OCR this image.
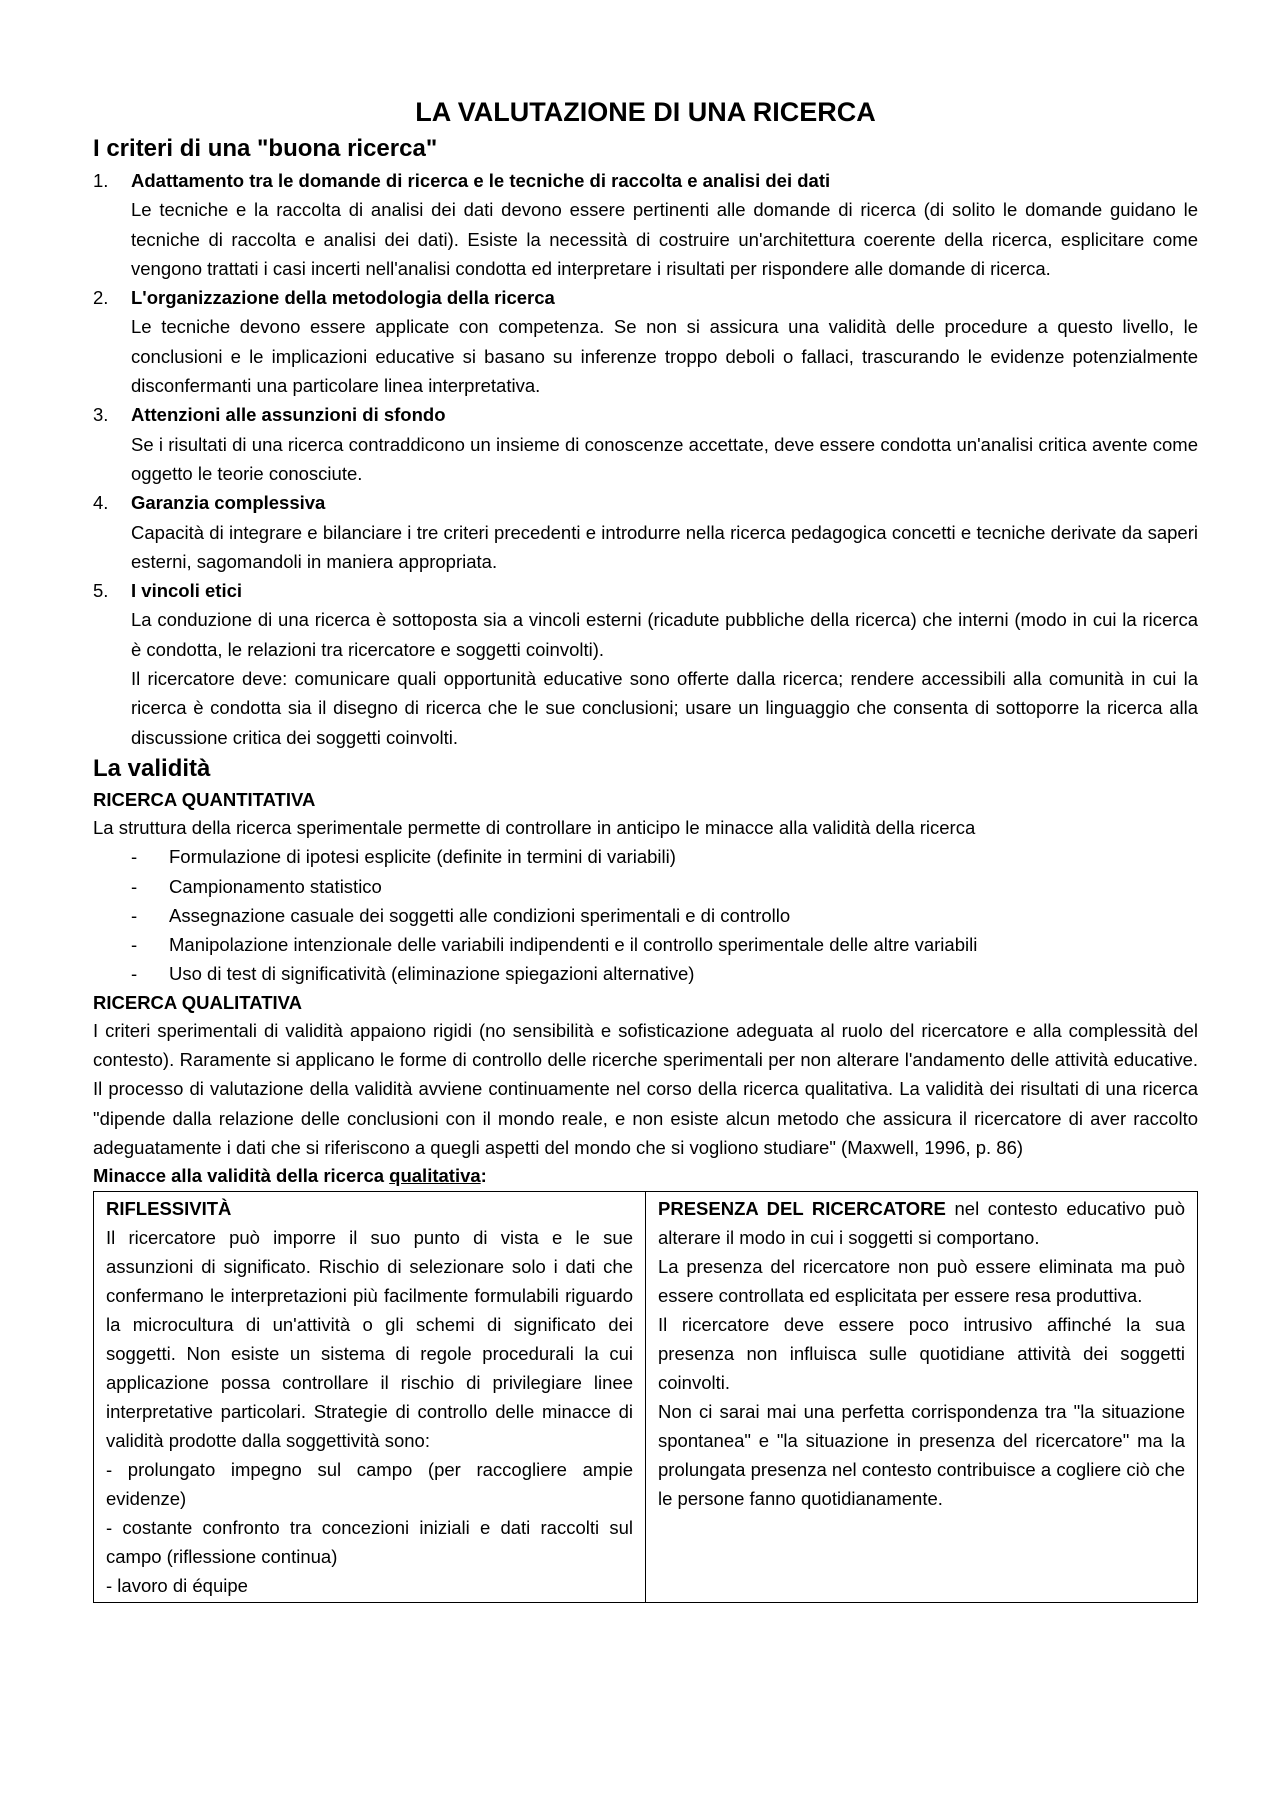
LA VALUTAZIONE DI UNA RICERCA
I criteri di una "buona ricerca"
1. Adattamento tra le domande di ricerca e le tecniche di raccolta e analisi dei dati
Le tecniche e la raccolta di analisi dei dati devono essere pertinenti alle domande di ricerca (di solito le domande guidano le tecniche di raccolta e analisi dei dati). Esiste la necessità di costruire un'architettura coerente della ricerca, esplicitare come vengono trattati i casi incerti nell'analisi condotta ed interpretare i risultati per rispondere alle domande di ricerca.
2. L'organizzazione della metodologia della ricerca
Le tecniche devono essere applicate con competenza. Se non si assicura una validità delle procedure a questo livello, le conclusioni e le implicazioni educative si basano su inferenze troppo deboli o fallaci, trascurando le evidenze potenzialmente disconfermanti una particolare linea interpretativa.
3. Attenzioni alle assunzioni di sfondo
Se i risultati di una ricerca contraddicono un insieme di conoscenze accettate, deve essere condotta un'analisi critica avente come oggetto le teorie conosciute.
4. Garanzia complessiva
Capacità di integrare e bilanciare i tre criteri precedenti e introdurre nella ricerca pedagogica concetti e tecniche derivate da saperi esterni, sagomandoli in maniera appropriata.
5. I vincoli etici
La conduzione di una ricerca è sottoposta sia a vincoli esterni (ricadute pubbliche della ricerca) che interni (modo in cui la ricerca è condotta, le relazioni tra ricercatore e soggetti coinvolti).
Il ricercatore deve: comunicare quali opportunità educative sono offerte dalla ricerca; rendere accessibili alla comunità in cui la ricerca è condotta sia il disegno di ricerca che le sue conclusioni; usare un linguaggio che consenta di sottoporre la ricerca alla discussione critica dei soggetti coinvolti.
La validità
RICERCA QUANTITATIVA

La struttura della ricerca sperimentale permette di controllare in anticipo le minacce alla validità della ricerca

- Formulazione di ipotesi esplicite (definite in termini di variabili)
- Campionamento statistico
- Assegnazione casuale dei soggetti alle condizioni sperimentali e di controllo
- Manipolazione intenzionale delle variabili indipendenti e il controllo sperimentale delle altre variabili
- Uso di test di significatività (eliminazione spiegazioni alternative)
RICERCA QUALITATIVA

I criteri sperimentali di validità appaiono rigidi (no sensibilità e sofisticazione adeguata al ruolo del ricercatore e alla complessità del contesto). Raramente si applicano le forme di controllo delle ricerche sperimentali per non alterare l'andamento delle attività educative. Il processo di valutazione della validità avviene continuamente nel corso della ricerca qualitativa. La validità dei risultati di una ricerca "dipende dalla relazione delle conclusioni con il mondo reale, e non esiste alcun metodo che assicura il ricercatore di aver raccolto adeguatamente i dati che si riferiscono a quegli aspetti del mondo che si vogliono studiare" (Maxwell, 1996, p. 86)

Minacce alla validità della ricerca qualitativa:
RIFLESSIVITÀ
Il ricercatore può imporre il suo punto di vista e le sue assunzioni di significato. Rischio di selezionare solo i dati che confermano le interpretazioni più facilmente formulabili riguardo la microcultura di un'attività o gli schemi di significato dei soggetti. Non esiste un sistema di regole procedurali la cui applicazione possa controllare il rischio di privilegiare linee interpretative particolari. Strategie di controllo delle minacce di validità prodotte dalla soggettività sono:
- prolungato impegno sul campo (per raccogliere ampie evidenze)
- costante confronto tra concezioni iniziali e dati raccolti sul campo (riflessione continua)
- lavoro di équipe

PRESENZA DEL RICERCATORE nel contesto educativo può alterare il modo in cui i soggetti si comportano.
La presenza del ricercatore non può essere eliminata ma può essere controllata ed esplicitata per essere resa produttiva.
Il ricercatore deve essere poco intrusivo affinché la sua presenza non influisca sulle quotidiane attività dei soggetti coinvolti.
Non ci sarai mai una perfetta corrispondenza tra "la situazione spontanea" e "la situazione in presenza del ricercatore" ma la prolungata presenza nel contesto contribuisce a cogliere ciò che le persone fanno quotidianamente.
